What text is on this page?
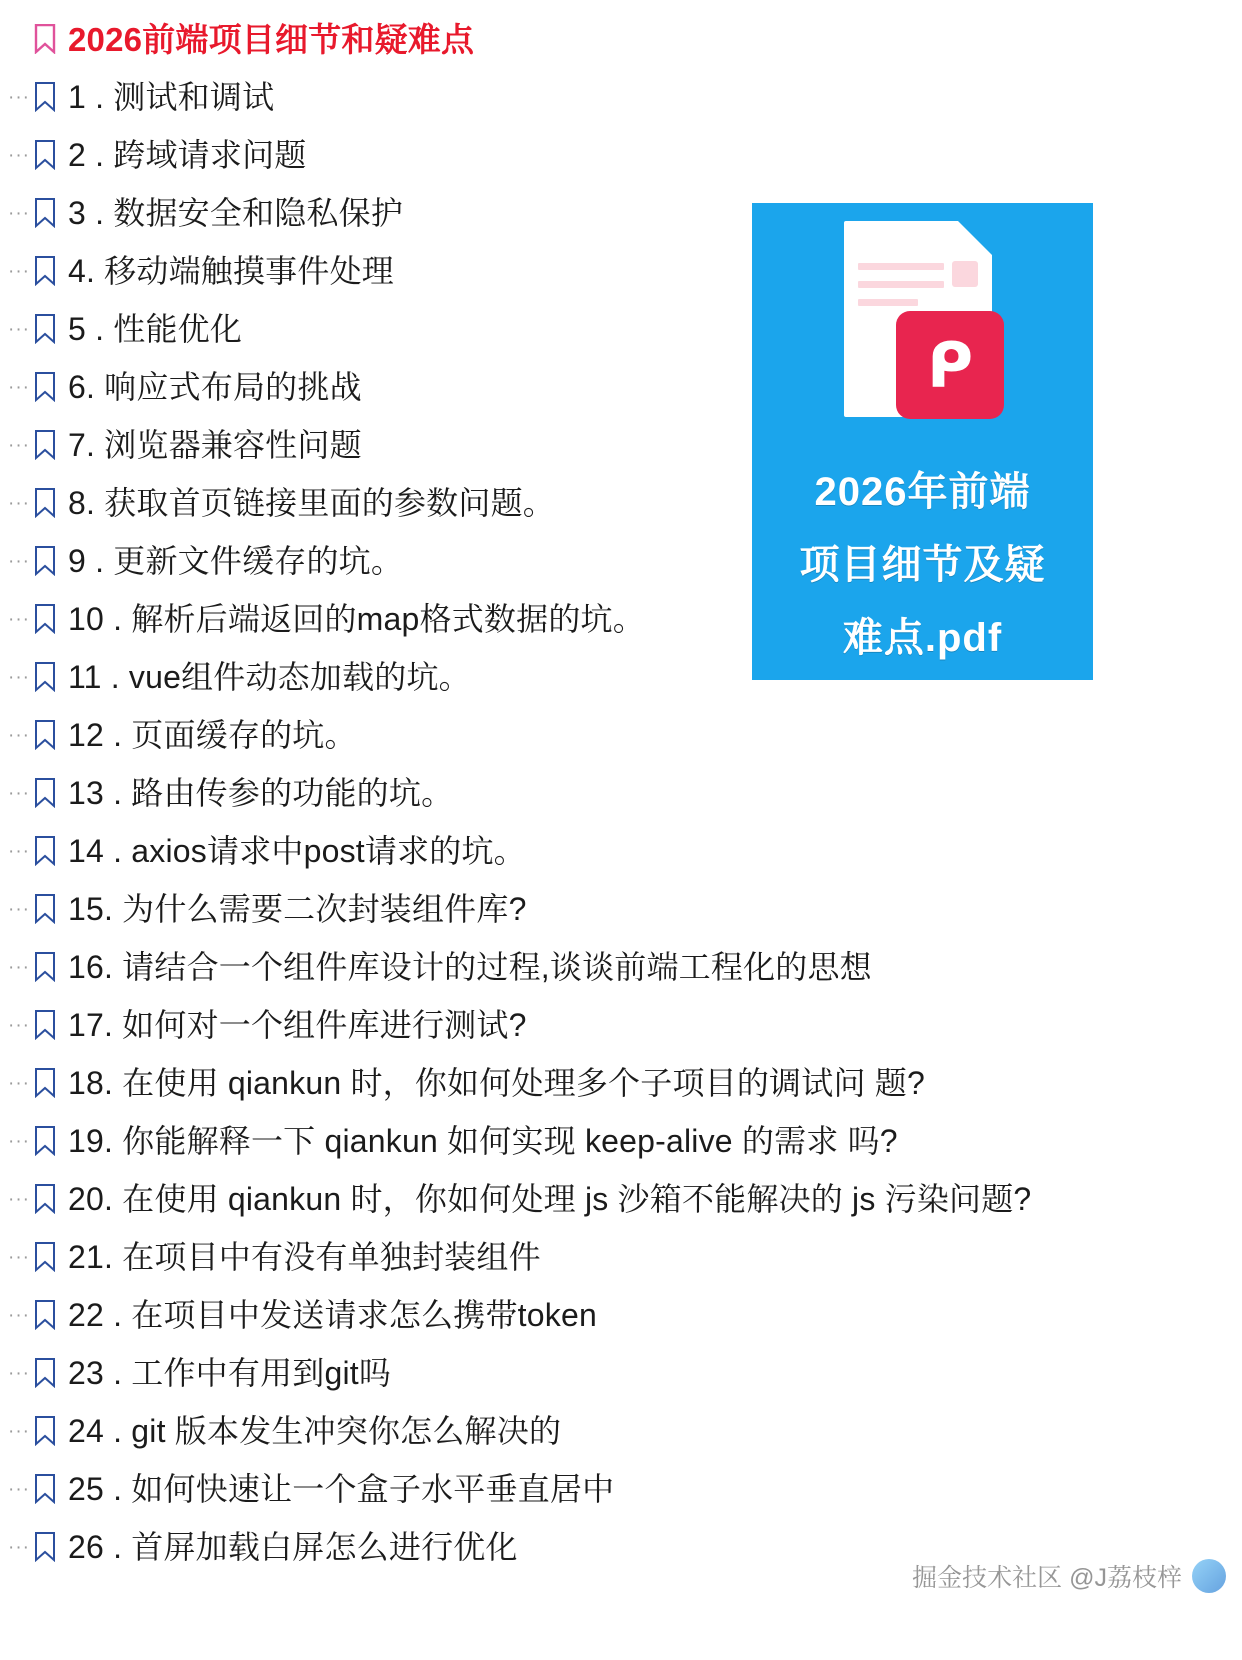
2026前端项目细节和疑难点
··· 1 . 测试和调试
··· 2 . 跨域请求问题
··· 3 . 数据安全和隐私保护
··· 4. 移动端触摸事件处理
··· 5 . 性能优化
··· 6. 响应式布局的挑战
··· 7. 浏览器兼容性问题
··· 8. 获取首页链接里面的参数问题。
··· 9 . 更新文件缓存的坑。
··· 10 . 解析后端返回的map格式数据的坑。
··· 11 . vue组件动态加载的坑。
··· 12 . 页面缓存的坑。
··· 13 . 路由传参的功能的坑。
··· 14 . axios请求中post请求的坑。
··· 15. 为什么需要二次封装组件库?
··· 16. 请结合一个组件库设计的过程,谈谈前端工程化的思想
··· 17. 如何对一个组件库进行测试?
··· 18. 在使用 qiankun 时，你如何处理多个子项目的调试问 题?
··· 19. 你能解释一下 qiankun 如何实现 keep-alive 的需求 吗?
··· 20. 在使用 qiankun 时，你如何处理 js 沙箱不能解决的 js 污染问题?
··· 21. 在项目中有没有单独封装组件
··· 22 . 在项目中发送请求怎么携带token
··· 23 . 工作中有用到git吗
··· 24 . git 版本发生冲突你怎么解决的
··· 25 . 如何快速让一个盒子水平垂直居中
··· 26 . 首屏加载白屏怎么进行优化
ᑭ
2026年前端
项目细节及疑
难点.pdf
掘金技术社区 @J荔枝梓
